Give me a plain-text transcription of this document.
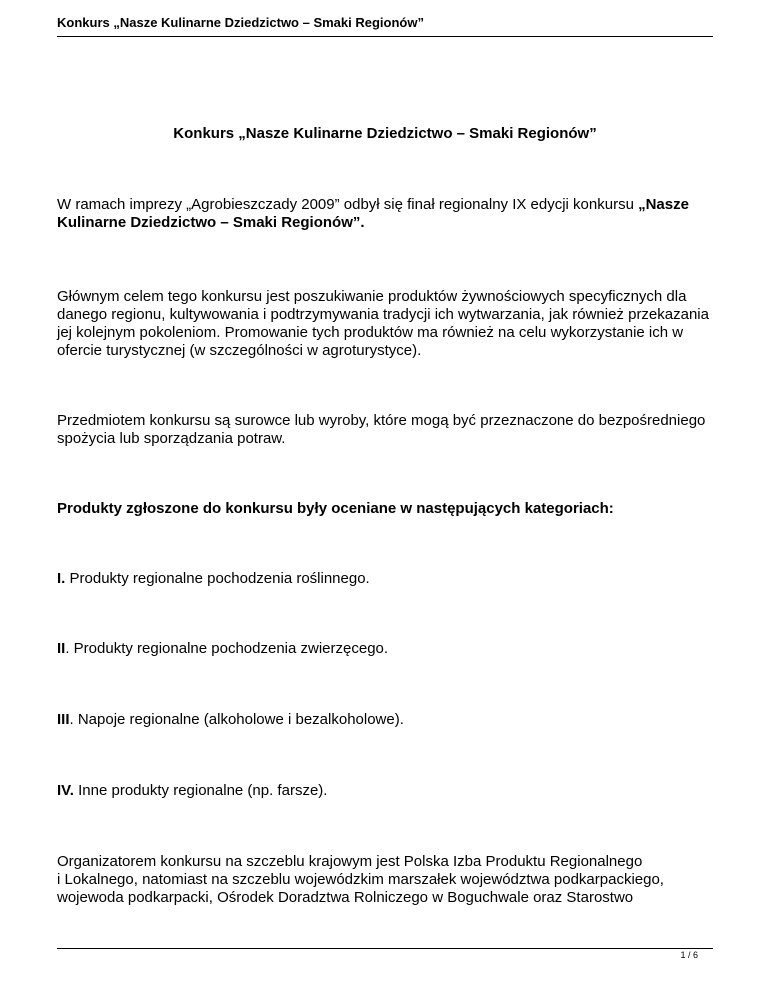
Konkurs „Nasze Kulinarne Dziedzictwo – Smaki Regionów”
Konkurs „Nasze Kulinarne Dziedzictwo – Smaki Regionów”

W ramach imprezy „Agrobieszczady 2009” odbył się finał regionalny IX edycji konkursu „Nasze Kulinarne Dziedzictwo – Smaki Regionów”.

Głównym celem tego konkursu jest poszukiwanie produktów żywnościowych specyficznych dla danego regionu, kultywowania i podtrzymywania tradycji ich wytwarzania, jak również przekazania jej kolejnym pokoleniom. Promowanie tych produktów ma również na celu wykorzystanie ich w ofercie turystycznej (w szczególności w agroturystyce).

Przedmiotem konkursu są surowce lub wyroby, które mogą być przeznaczone do bezpośredniego spożycia lub sporządzania potraw.

Produkty zgłoszone do konkursu były oceniane w następujących kategoriach:

I. Produkty regionalne pochodzenia roślinnego.

II. Produkty regionalne pochodzenia zwierzęcego.

III. Napoje regionalne (alkoholowe i bezalkoholowe).

IV. Inne produkty regionalne (np. farsze).

Organizatorem konkursu na szczeblu krajowym jest Polska Izba Produktu Regionalnego
i Lokalnego, natomiast na szczeblu wojewódzkim marszałek województwa podkarpackiego,
wojewoda podkarpacki, Ośrodek Doradztwa Rolniczego w Boguchwale oraz Starostwo

1 / 6
